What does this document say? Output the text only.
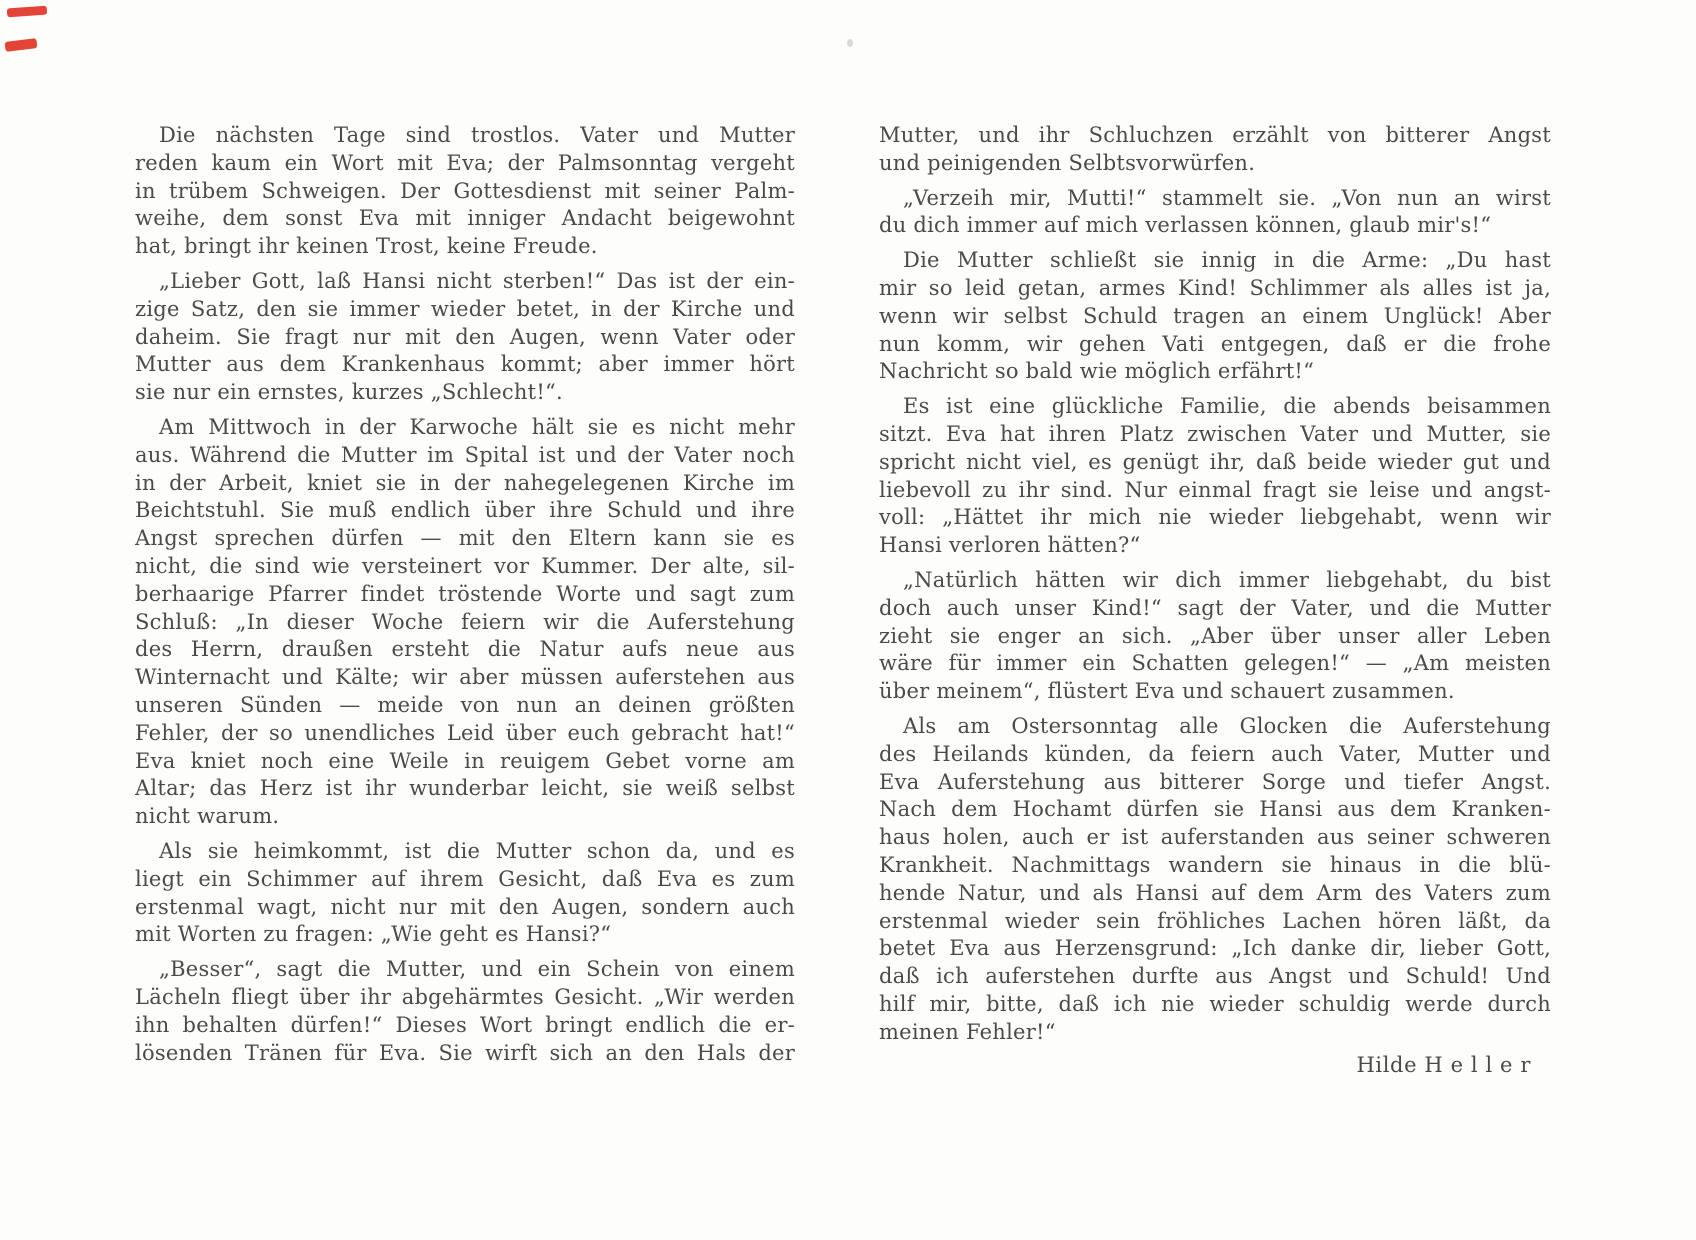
Die nächsten Tage sind trostlos. Vater und Mutter
reden kaum ein Wort mit Eva; der Palmsonntag vergeht
in trübem Schweigen. Der Gottesdienst mit seiner Palm-
weihe, dem sonst Eva mit inniger Andacht beigewohnt
hat, bringt ihr keinen Trost, keine Freude.
„Lieber Gott, laß Hansi nicht sterben!“ Das ist der ein-
zige Satz, den sie immer wieder betet, in der Kirche und
daheim. Sie fragt nur mit den Augen, wenn Vater oder
Mutter aus dem Krankenhaus kommt; aber immer hört
sie nur ein ernstes, kurzes „Schlecht!“.
Am Mittwoch in der Karwoche hält sie es nicht mehr
aus. Während die Mutter im Spital ist und der Vater noch
in der Arbeit, kniet sie in der nahegelegenen Kirche im
Beichtstuhl. Sie muß endlich über ihre Schuld und ihre
Angst sprechen dürfen — mit den Eltern kann sie es
nicht, die sind wie versteinert vor Kummer. Der alte, sil-
berhaarige Pfarrer findet tröstende Worte und sagt zum
Schluß: „In dieser Woche feiern wir die Auferstehung
des Herrn, draußen ersteht die Natur aufs neue aus
Winternacht und Kälte; wir aber müssen auferstehen aus
unseren Sünden — meide von nun an deinen größten
Fehler, der so unendliches Leid über euch gebracht hat!“
Eva kniet noch eine Weile in reuigem Gebet vorne am
Altar; das Herz ist ihr wunderbar leicht, sie weiß selbst
nicht warum.
Als sie heimkommt, ist die Mutter schon da, und es
liegt ein Schimmer auf ihrem Gesicht, daß Eva es zum
erstenmal wagt, nicht nur mit den Augen, sondern auch
mit Worten zu fragen: „Wie geht es Hansi?“
„Besser“, sagt die Mutter, und ein Schein von einem
Lächeln fliegt über ihr abgehärmtes Gesicht. „Wir werden
ihn behalten dürfen!“ Dieses Wort bringt endlich die er-
lösenden Tränen für Eva. Sie wirft sich an den Hals der
Mutter, und ihr Schluchzen erzählt von bitterer Angst
und peinigenden Selbtsvorwürfen.
„Verzeih mir, Mutti!“ stammelt sie. „Von nun an wirst
du dich immer auf mich verlassen können, glaub mir's!“
Die Mutter schließt sie innig in die Arme: „Du hast
mir so leid getan, armes Kind! Schlimmer als alles ist ja,
wenn wir selbst Schuld tragen an einem Unglück! Aber
nun komm, wir gehen Vati entgegen, daß er die frohe
Nachricht so bald wie möglich erfährt!“
Es ist eine glückliche Familie, die abends beisammen
sitzt. Eva hat ihren Platz zwischen Vater und Mutter, sie
spricht nicht viel, es genügt ihr, daß beide wieder gut und
liebevoll zu ihr sind. Nur einmal fragt sie leise und angst-
voll: „Hättet ihr mich nie wieder liebgehabt, wenn wir
Hansi verloren hätten?“
„Natürlich hätten wir dich immer liebgehabt, du bist
doch auch unser Kind!“ sagt der Vater, und die Mutter
zieht sie enger an sich. „Aber über unser aller Leben
wäre für immer ein Schatten gelegen!“ — „Am meisten
über meinem“, flüstert Eva und schauert zusammen.
Als am Ostersonntag alle Glocken die Auferstehung
des Heilands künden, da feiern auch Vater, Mutter und
Eva Auferstehung aus bitterer Sorge und tiefer Angst.
Nach dem Hochamt dürfen sie Hansi aus dem Kranken-
haus holen, auch er ist auferstanden aus seiner schweren
Krankheit. Nachmittags wandern sie hinaus in die blü-
hende Natur, und als Hansi auf dem Arm des Vaters zum
erstenmal wieder sein fröhliches Lachen hören läßt, da
betet Eva aus Herzensgrund: „Ich danke dir, lieber Gott,
daß ich auferstehen durfte aus Angst und Schuld! Und
hilf mir, bitte, daß ich nie wieder schuldig werde durch
meinen Fehler!“
Hilde H e l l e r
